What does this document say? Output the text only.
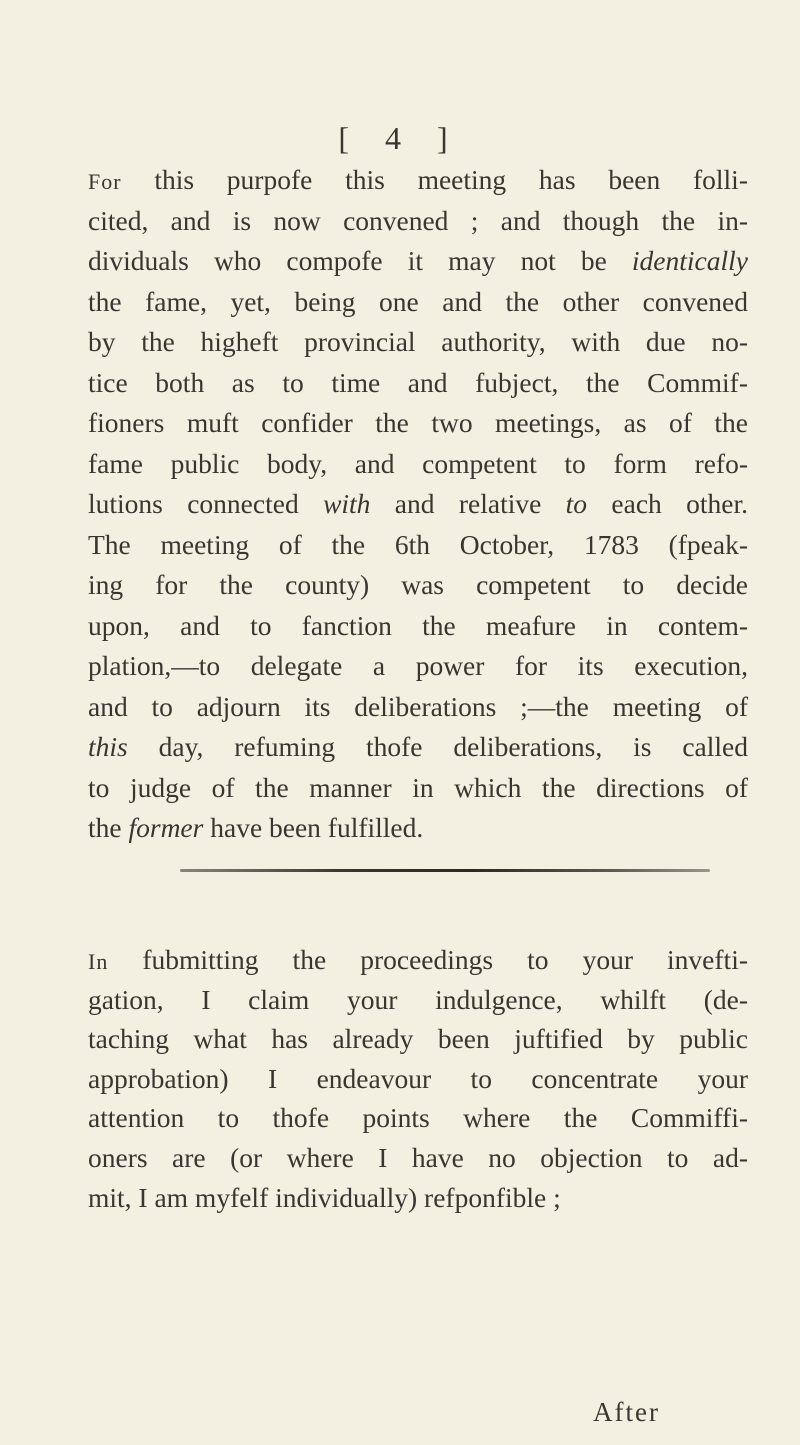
[ 4 ]
For this purpofe this meeting has been folli-
cited, and is now convened ; and though the in-
dividuals who compofe it may not be identically
the fame, yet, being one and the other convened
by the higheft provincial authority, with due no-
tice both as to time and fubject, the Commif-
fioners muft confider the two meetings, as of the
fame public body, and competent to form refo-
lutions connected with and relative to each other.
The meeting of the 6th October, 1783 (fpeak-
ing for the county) was competent to decide
upon, and to fanction the meafure in contem-
plation,—to delegate a power for its execution,
and to adjourn its deliberations ;—the meeting of
this day, refuming thofe deliberations, is called
to judge of the manner in which the directions of
the former have been fulfilled.
In fubmitting the proceedings to your invefti-
gation, I claim your indulgence, whilft (de-
taching what has already been juftified by public
approbation) I endeavour to concentrate your
attention to thofe points where the Commiffi-
oners are (or where I have no objection to ad-
mit, I am myfelf individually) refponfible ;
After
